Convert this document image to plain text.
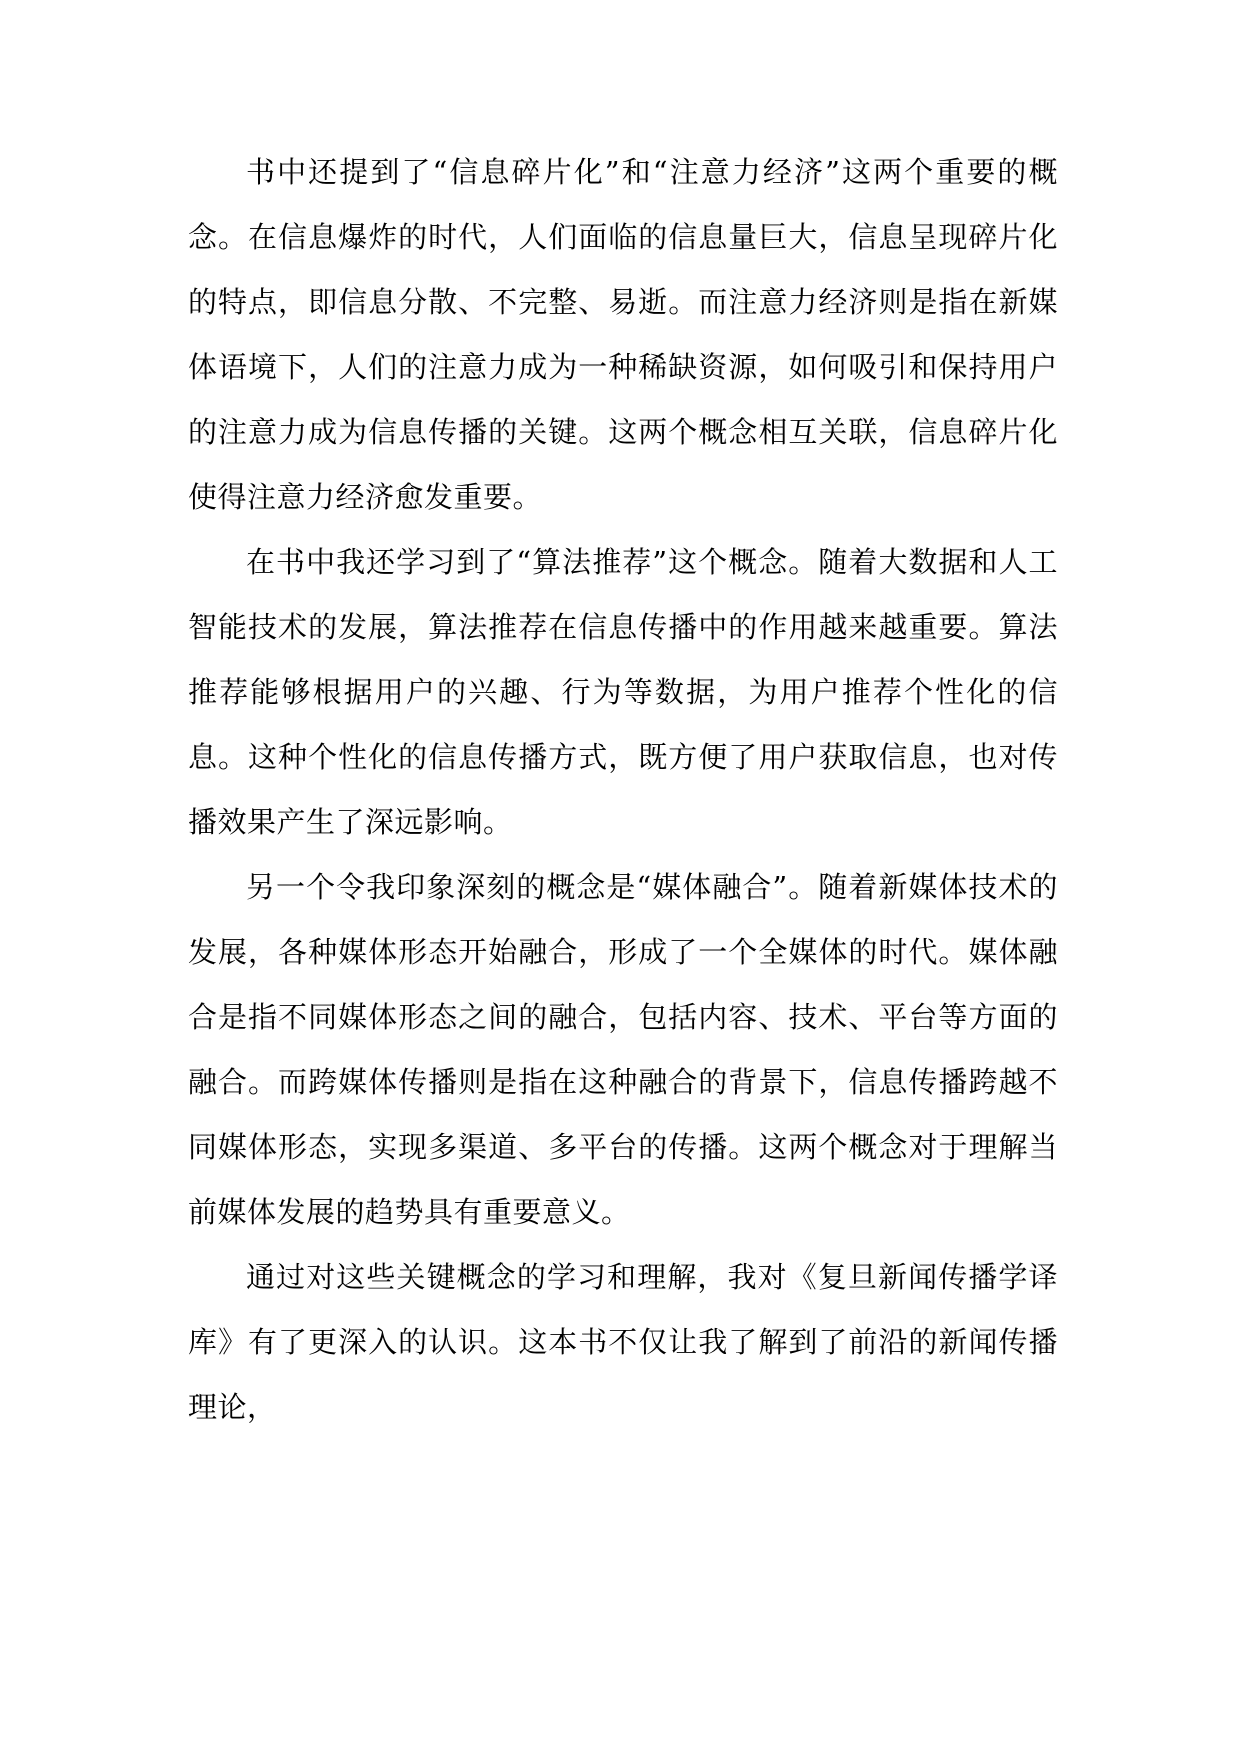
书中还提到了“信息碎片化”和“注意力经济”这两个重要的概念。在信息爆炸的时代，人们面临的信息量巨大，信息呈现碎片化的特点，即信息分散、不完整、易逝。而注意力经济则是指在新媒体语境下，人们的注意力成为一种稀缺资源，如何吸引和保持用户的注意力成为信息传播的关键。这两个概念相互关联，信息碎片化使得注意力经济愈发重要。

在书中我还学习到了“算法推荐”这个概念。随着大数据和人工智能技术的发展，算法推荐在信息传播中的作用越来越重要。算法推荐能够根据用户的兴趣、行为等数据，为用户推荐个性化的信息。这种个性化的信息传播方式，既方便了用户获取信息，也对传播效果产生了深远影响。

另一个令我印象深刻的概念是“媒体融合”。随着新媒体技术的发展，各种媒体形态开始融合，形成了一个全媒体的时代。媒体融合是指不同媒体形态之间的融合，包括内容、技术、平台等方面的融合。而跨媒体传播则是指在这种融合的背景下，信息传播跨越不同媒体形态，实现多渠道、多平台的传播。这两个概念对于理解当前媒体发展的趋势具有重要意义。

通过对这些关键概念的学习和理解，我对《复旦新闻传播学译库》有了更深入的认识。这本书不仅让我了解到了前沿的新闻传播理论，
